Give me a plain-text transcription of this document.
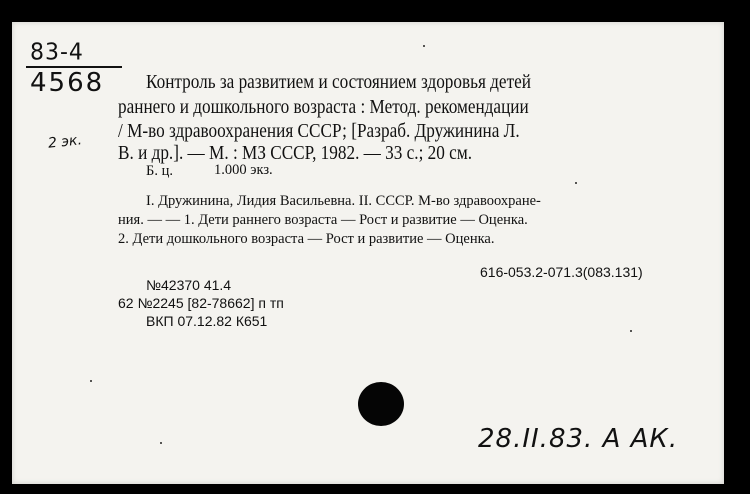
83-4
4568
2 эк.
Контроль за развитием и состоянием здоровья детей
раннего и дошкольного возраста : Метод. рекомендации
/ М-во здравоохранения СССР; [Разраб. Дружинина Л.
В. и др.]. — М. : МЗ СССР, 1982. — 33 с.; 20 см.
Б. ц.	1.000 экз.
I. Дружинина, Лидия Васильевна. II. СССР. М-во здравоохране-
ния. — — 1. Дети раннего возраста — Рост и развитие — Оценка.
2. Дети дошкольного возраста — Рост и развитие — Оценка.
616-053.2-071.3(083.131)
№42370 41.4
62 №2245 [82-78662] п тп
ВКП 07.12.82 К651
28.II.83. А АК.
